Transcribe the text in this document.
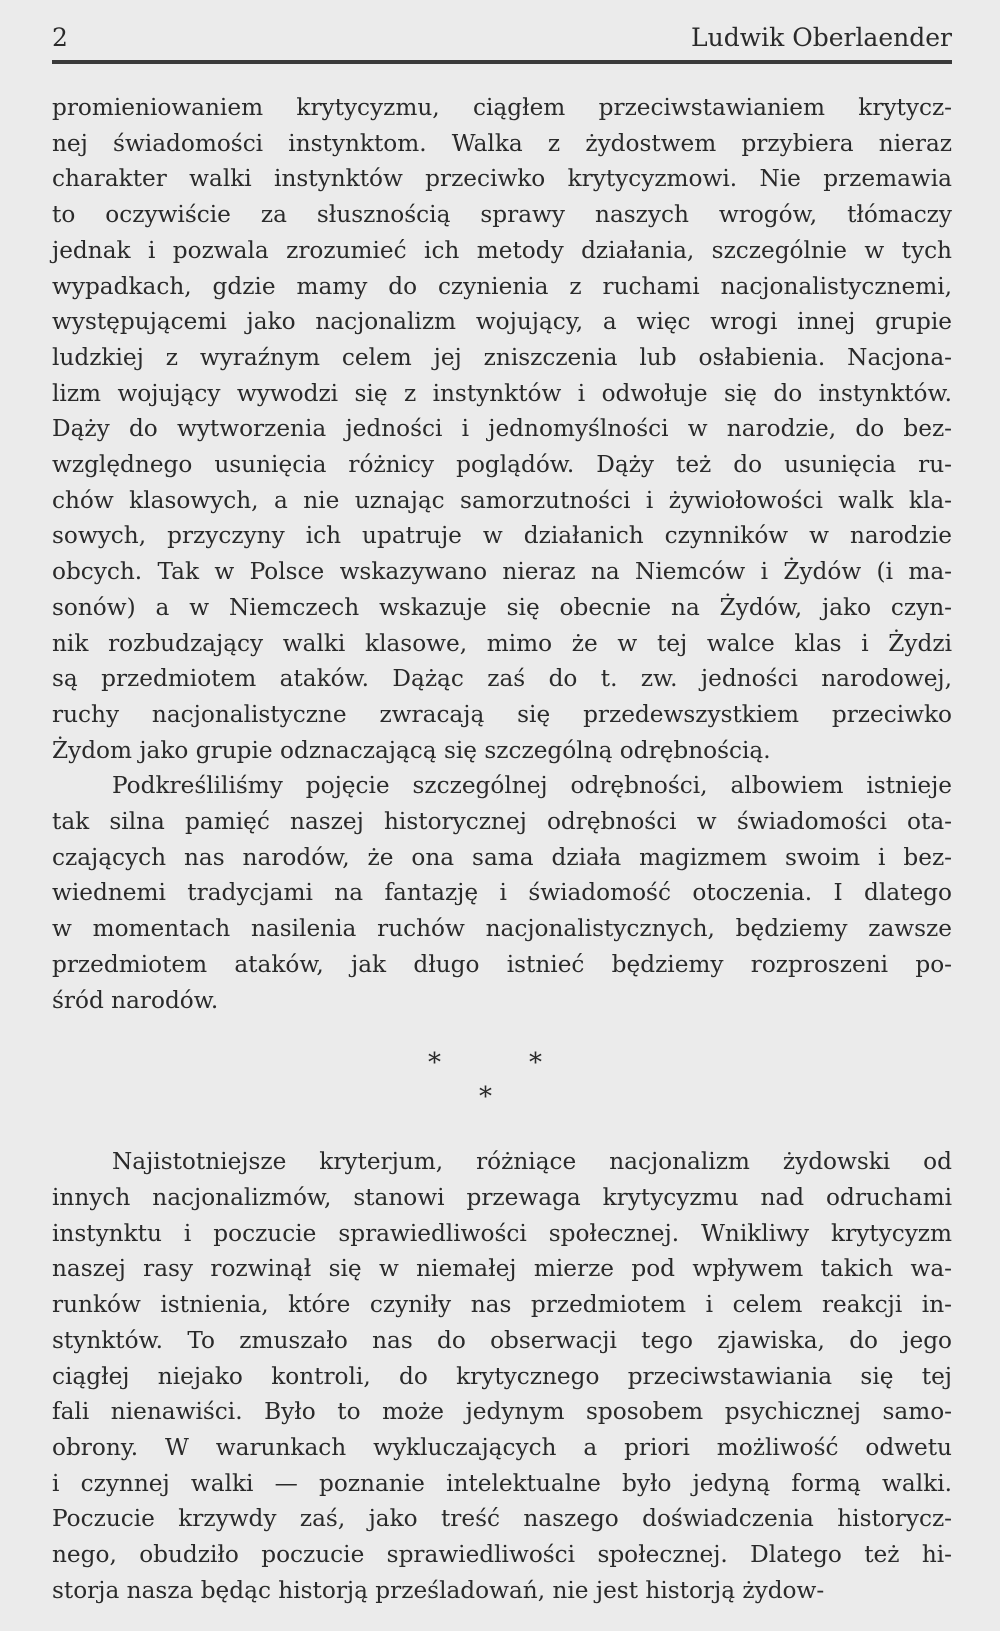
2	Ludwik Oberlaender
promieniowaniem krytycyzmu, ciągłem przeciwstawianiem krytycz-
nej świadomości instynktom. Walka z żydostwem przybiera nieraz
charakter walki instynktów przeciwko krytycyzmowi. Nie przemawia
to oczywiście za słusznością sprawy naszych wrogów, tłómaczy
jednak i pozwala zrozumieć ich metody działania, szczególnie w tych
wypadkach, gdzie mamy do czynienia z ruchami nacjonalistycznemi,
występującemi jako nacjonalizm wojujący, a więc wrogi innej grupie
ludzkiej z wyraźnym celem jej zniszczenia lub osłabienia. Nacjona-
lizm wojujący wywodzi się z instynktów i odwołuje się do instynktów.
Dąży do wytworzenia jedności i jednomyślności w narodzie, do bez-
względnego usunięcia różnicy poglądów. Dąży też do usunięcia ru-
chów klasowych, a nie uznając samorzutności i żywiołowości walk kla-
sowych, przyczyny ich upatruje w działanich czynników w narodzie
obcych. Tak w Polsce wskazywano nieraz na Niemców i Żydów (i ma-
sonów) a w Niemczech wskazuje się obecnie na Żydów, jako czyn-
nik rozbudzający walki klasowe, mimo że w tej walce klas i Żydzi
są przedmiotem ataków. Dążąc zaś do t. zw. jedności narodowej,
ruchy nacjonalistyczne zwracają się przedewszystkiem przeciwko
Żydom jako grupie odznaczającą się szczególną odrębnością.
Podkreśliliśmy pojęcie szczególnej odrębności, albowiem istnieje
tak silna pamięć naszej historycznej odrębności w świadomości ota-
czających nas narodów, że ona sama działa magizmem swoim i bez-
wiednemi tradycjami na fantazję i świadomość otoczenia. I dlatego
w momentach nasilenia ruchów nacjonalistycznych, będziemy zawsze
przedmiotem ataków, jak długo istnieć będziemy rozproszeni po-
śród narodów.
*	*
*
Najistotniejsze kryterjum, różniące nacjonalizm żydowski od
innych nacjonalizmów, stanowi przewaga krytycyzmu nad odruchami
instynktu i poczucie sprawiedliwości społecznej. Wnikliwy krytycyzm
naszej rasy rozwinął się w niemałej mierze pod wpływem takich wa-
runków istnienia, które czyniły nas przedmiotem i celem reakcji in-
stynktów. To zmuszało nas do obserwacji tego zjawiska, do jego
ciągłej niejako kontroli, do krytycznego przeciwstawiania się tej
fali nienawiści. Było to może jedynym sposobem psychicznej samo-
obrony. W warunkach wykluczających a priori możliwość odwetu
i czynnej walki — poznanie intelektualne było jedyną formą walki.
Poczucie krzywdy zaś, jako treść naszego doświadczenia historycz-
nego, obudziło poczucie sprawiedliwości społecznej. Dlatego też hi-
storja nasza będąc historją prześladowań, nie jest historją żydow-
